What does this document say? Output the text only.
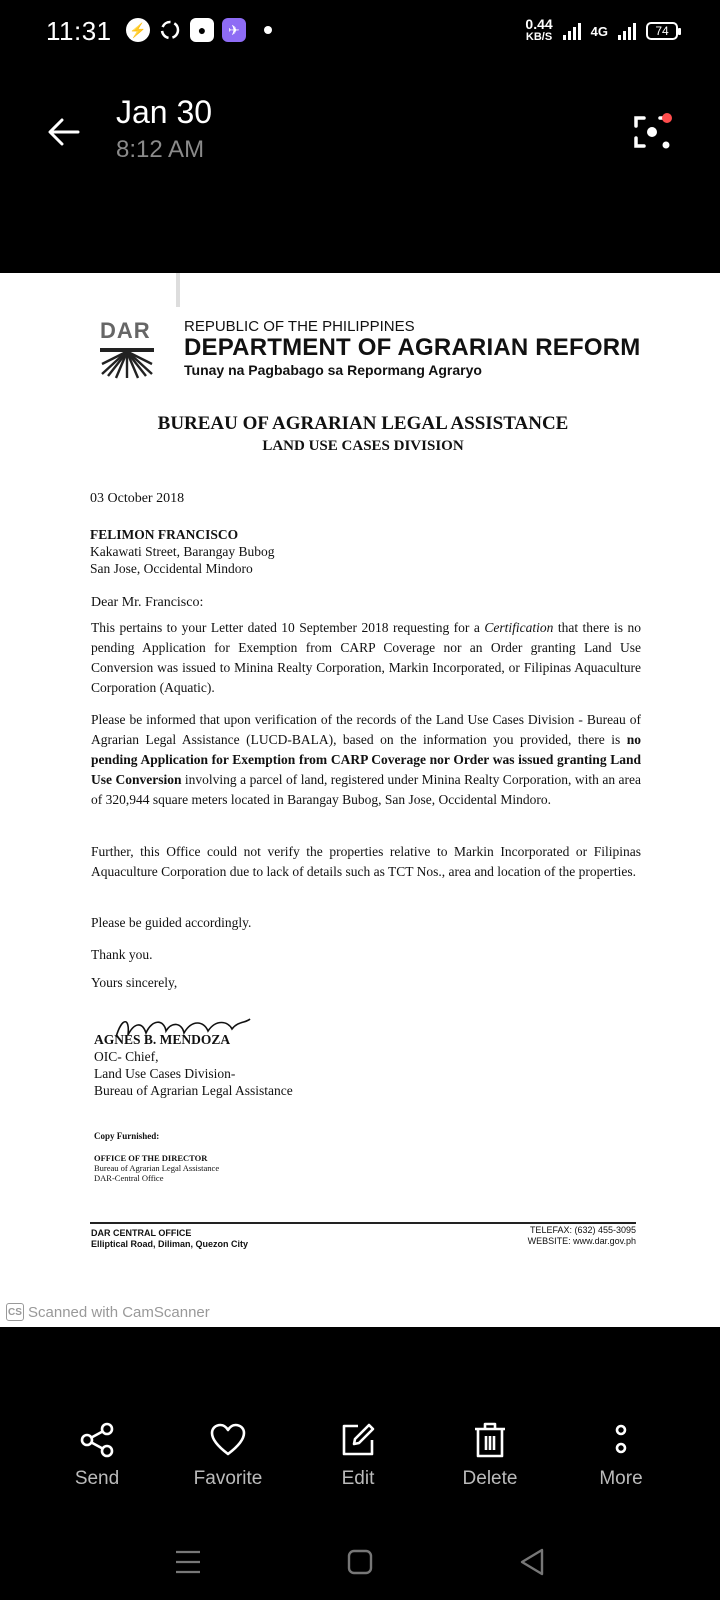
11:31 ⚡	●	✈	0.44
KB/S	4G	74
Jan 30
8:12 AM
DAR REPUBLIC OF THE PHILIPPINES
DEPARTMENT OF AGRARIAN REFORM
Tunay na Pagbabago sa Repormang Agraryo
BUREAU OF AGRARIAN LEGAL ASSISTANCE
LAND USE CASES DIVISION
03 October 2018
FELIMON FRANCISCO
Kakawati Street, Barangay Bubog
San Jose, Occidental Mindoro
Dear Mr. Francisco:

This pertains to your Letter dated 10 September 2018 requesting for a Certification that there is no pending Application for Exemption from CARP Coverage nor an Order granting Land Use Conversion was issued to Minina Realty Corporation, Markin Incorporated, or Filipinas Aquaculture Corporation (Aquatic).

Please be informed that upon verification of the records of the Land Use Cases Division - Bureau of Agrarian Legal Assistance (LUCD-BALA), based on the information you provided, there is no pending Application for Exemption from CARP Coverage nor Order was issued granting Land Use Conversion involving a parcel of land, registered under Minina Realty Corporation, with an area of 320,944 square meters located in Barangay Bubog, San Jose, Occidental Mindoro.

Further, this Office could not verify the properties relative to Markin Incorporated or Filipinas Aquaculture Corporation due to lack of details such as TCT Nos., area and location of the properties.

Please be guided accordingly.

Thank you.

Yours sincerely,

AGNES B. MENDOZA
OIC- Chief,
Land Use Cases Division-
Bureau of Agrarian Legal Assistance
Copy Furnished:
OFFICE OF THE DIRECTOR
Bureau of Agrarian Legal Assistance
DAR-Central Office
DAR CENTRAL OFFICE
Elliptical Road, Diliman, Quezon City
TELEFAX: (632) 455-3095
WEBSITE: www.dar.gov.ph
CS Scanned with CamScanner
Send	Favorite	Edit	Delete	More
